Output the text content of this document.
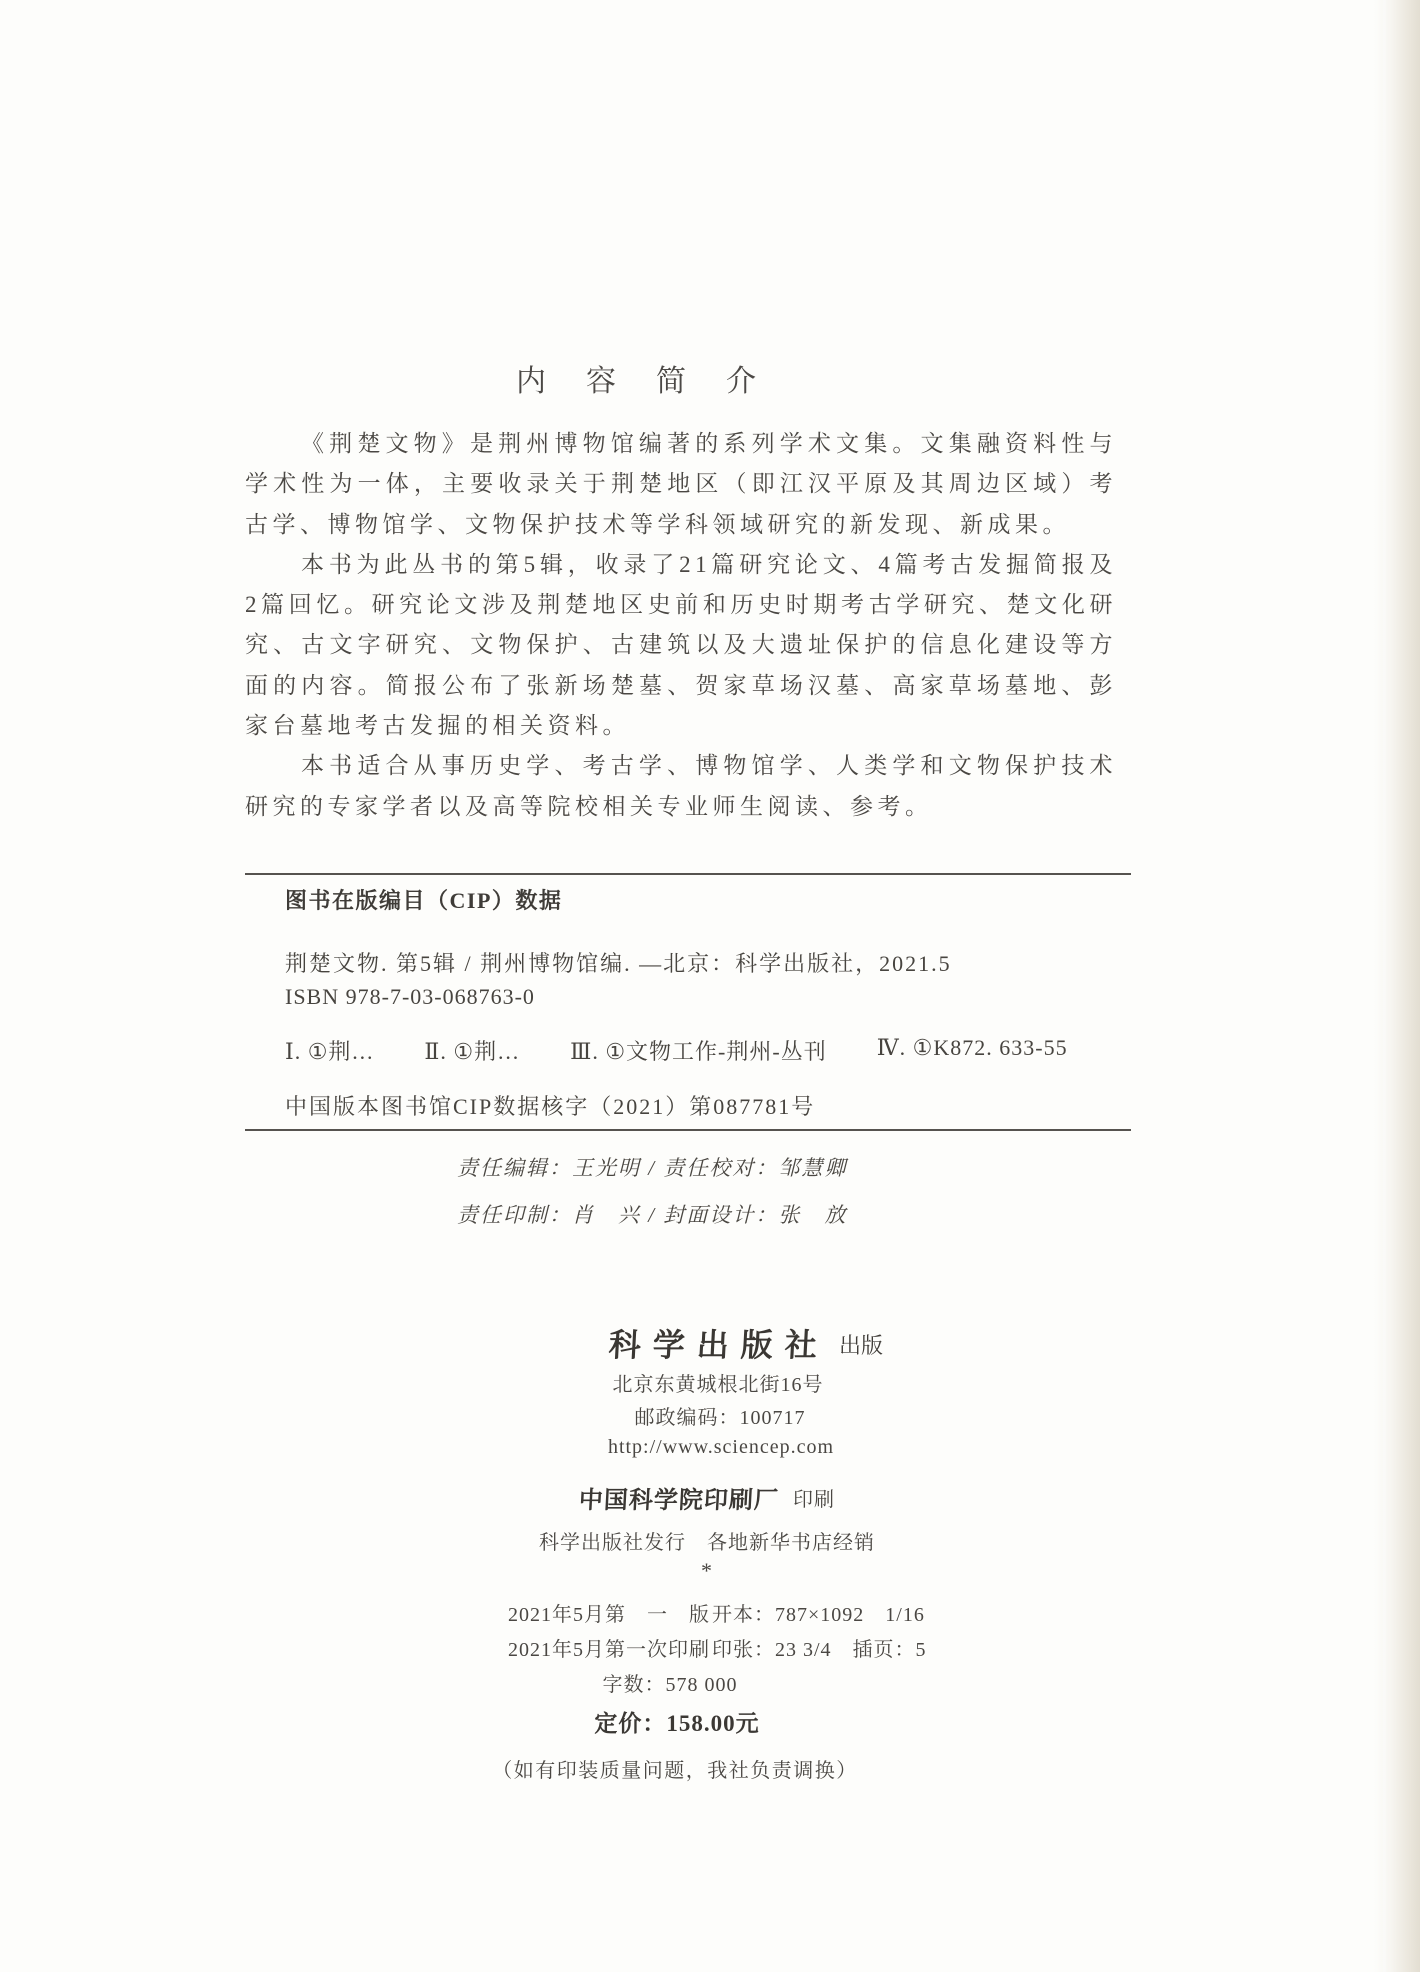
内容简介

《荆楚文物》是荆州博物馆编著的系列学术文集。文集融资料性与学术性为一体，主要收录关于荆楚地区（即江汉平原及其周边区域）考古学、博物馆学、文物保护技术等学科领域研究的新发现、新成果。

本书为此丛书的第5辑，收录了21篇研究论文、4篇考古发掘简报及2篇回忆。研究论文涉及荆楚地区史前和历史时期考古学研究、楚文化研究、古文字研究、文物保护、古建筑以及大遗址保护的信息化建设等方面的内容。简报公布了张新场楚墓、贺家草场汉墓、高家草场墓地、彭家台墓地考古发掘的相关资料。

本书适合从事历史学、考古学、博物馆学、人类学和文物保护技术研究的专家学者以及高等院校相关专业师生阅读、参考。

图书在版编目（CIP）数据
荆楚文物. 第5辑 / 荆州博物馆编. —北京：科学出版社，2021.5
ISBN 978-7-03-068763-0
Ⅰ. ①荆… Ⅱ. ①荆… Ⅲ. ①文物工作-荆州-丛刊 Ⅳ. ①K872. 633-55
中国版本图书馆CIP数据核字（2021）第087781号
责任编辑：王光明 / 责任校对：邹慧卿
责任印制：肖　兴 / 封面设计：张　放
科学出版社 出版
北京东黄城根北街16号
邮政编码：100717
http://www.sciencep.com
中国科学院印刷厂 印刷
科学出版社发行　各地新华书店经销
*
2021年5月第　一　版 开本：787×1092　1/16
2021年5月第一次印刷 印张：23 3/4　插页：5
字数：578 000
定价：158.00元
（如有印装质量问题，我社负责调换）
